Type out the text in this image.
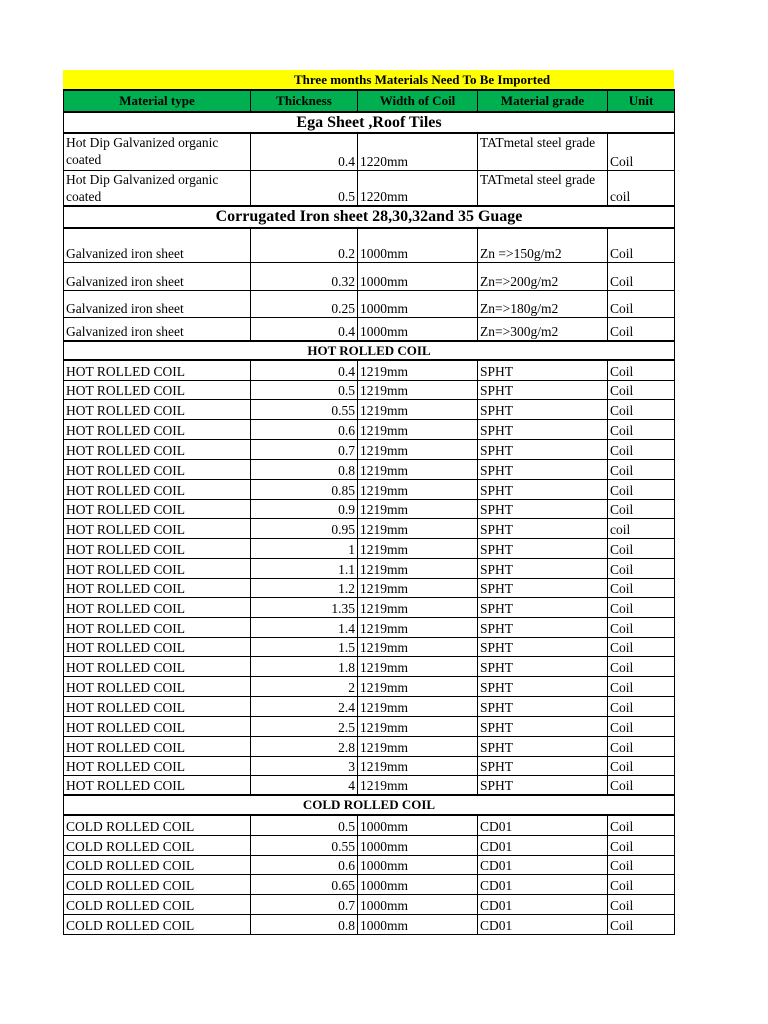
Three months Materials Need To Be Imported
Material type	Thickness	Width of Coil	Material grade	Unit
Ega Sheet ,Roof Tiles				
Hot Dip Galvanized organic coated	0.4	1220mm	TATmetal steel grade	Coil
Hot Dip Galvanized organic coated	0.5	1220mm	TATmetal steel grade	coil
Corrugated Iron sheet 28,30,32and 35 Guage				
Galvanized iron sheet	0.2	1000mm	Zn =>150g/m2	Coil
Galvanized iron sheet	0.32	1000mm	Zn=>200g/m2	Coil
Galvanized iron sheet	0.25	1000mm	Zn=>180g/m2	Coil
Galvanized iron sheet	0.4	1000mm	Zn=>300g/m2	Coil
HOT ROLLED COIL				
HOT ROLLED COIL	0.4	1219mm	SPHT	Coil
HOT ROLLED COIL	0.5	1219mm	SPHT	Coil
HOT ROLLED COIL	0.55	1219mm	SPHT	Coil
HOT ROLLED COIL	0.6	1219mm	SPHT	Coil
HOT ROLLED COIL	0.7	1219mm	SPHT	Coil
HOT ROLLED COIL	0.8	1219mm	SPHT	Coil
HOT ROLLED COIL	0.85	1219mm	SPHT	Coil
HOT ROLLED COIL	0.9	1219mm	SPHT	Coil
HOT ROLLED COIL	0.95	1219mm	SPHT	coil
HOT ROLLED COIL	1	1219mm	SPHT	Coil
HOT ROLLED COIL	1.1	1219mm	SPHT	Coil
HOT ROLLED COIL	1.2	1219mm	SPHT	Coil
HOT ROLLED COIL	1.35	1219mm	SPHT	Coil
HOT ROLLED COIL	1.4	1219mm	SPHT	Coil
HOT ROLLED COIL	1.5	1219mm	SPHT	Coil
HOT ROLLED COIL	1.8	1219mm	SPHT	Coil
HOT ROLLED COIL	2	1219mm	SPHT	Coil
HOT ROLLED COIL	2.4	1219mm	SPHT	Coil
HOT ROLLED COIL	2.5	1219mm	SPHT	Coil
HOT ROLLED COIL	2.8	1219mm	SPHT	Coil
HOT ROLLED COIL	3	1219mm	SPHT	Coil
HOT ROLLED COIL	4	1219mm	SPHT	Coil
COLD ROLLED COIL				
COLD ROLLED COIL	0.5	1000mm	CD01	Coil
COLD ROLLED COIL	0.55	1000mm	CD01	Coil
COLD ROLLED COIL	0.6	1000mm	CD01	Coil
COLD ROLLED COIL	0.65	1000mm	CD01	Coil
COLD ROLLED COIL	0.7	1000mm	CD01	Coil
COLD ROLLED COIL	0.8	1000mm	CD01	Coil
